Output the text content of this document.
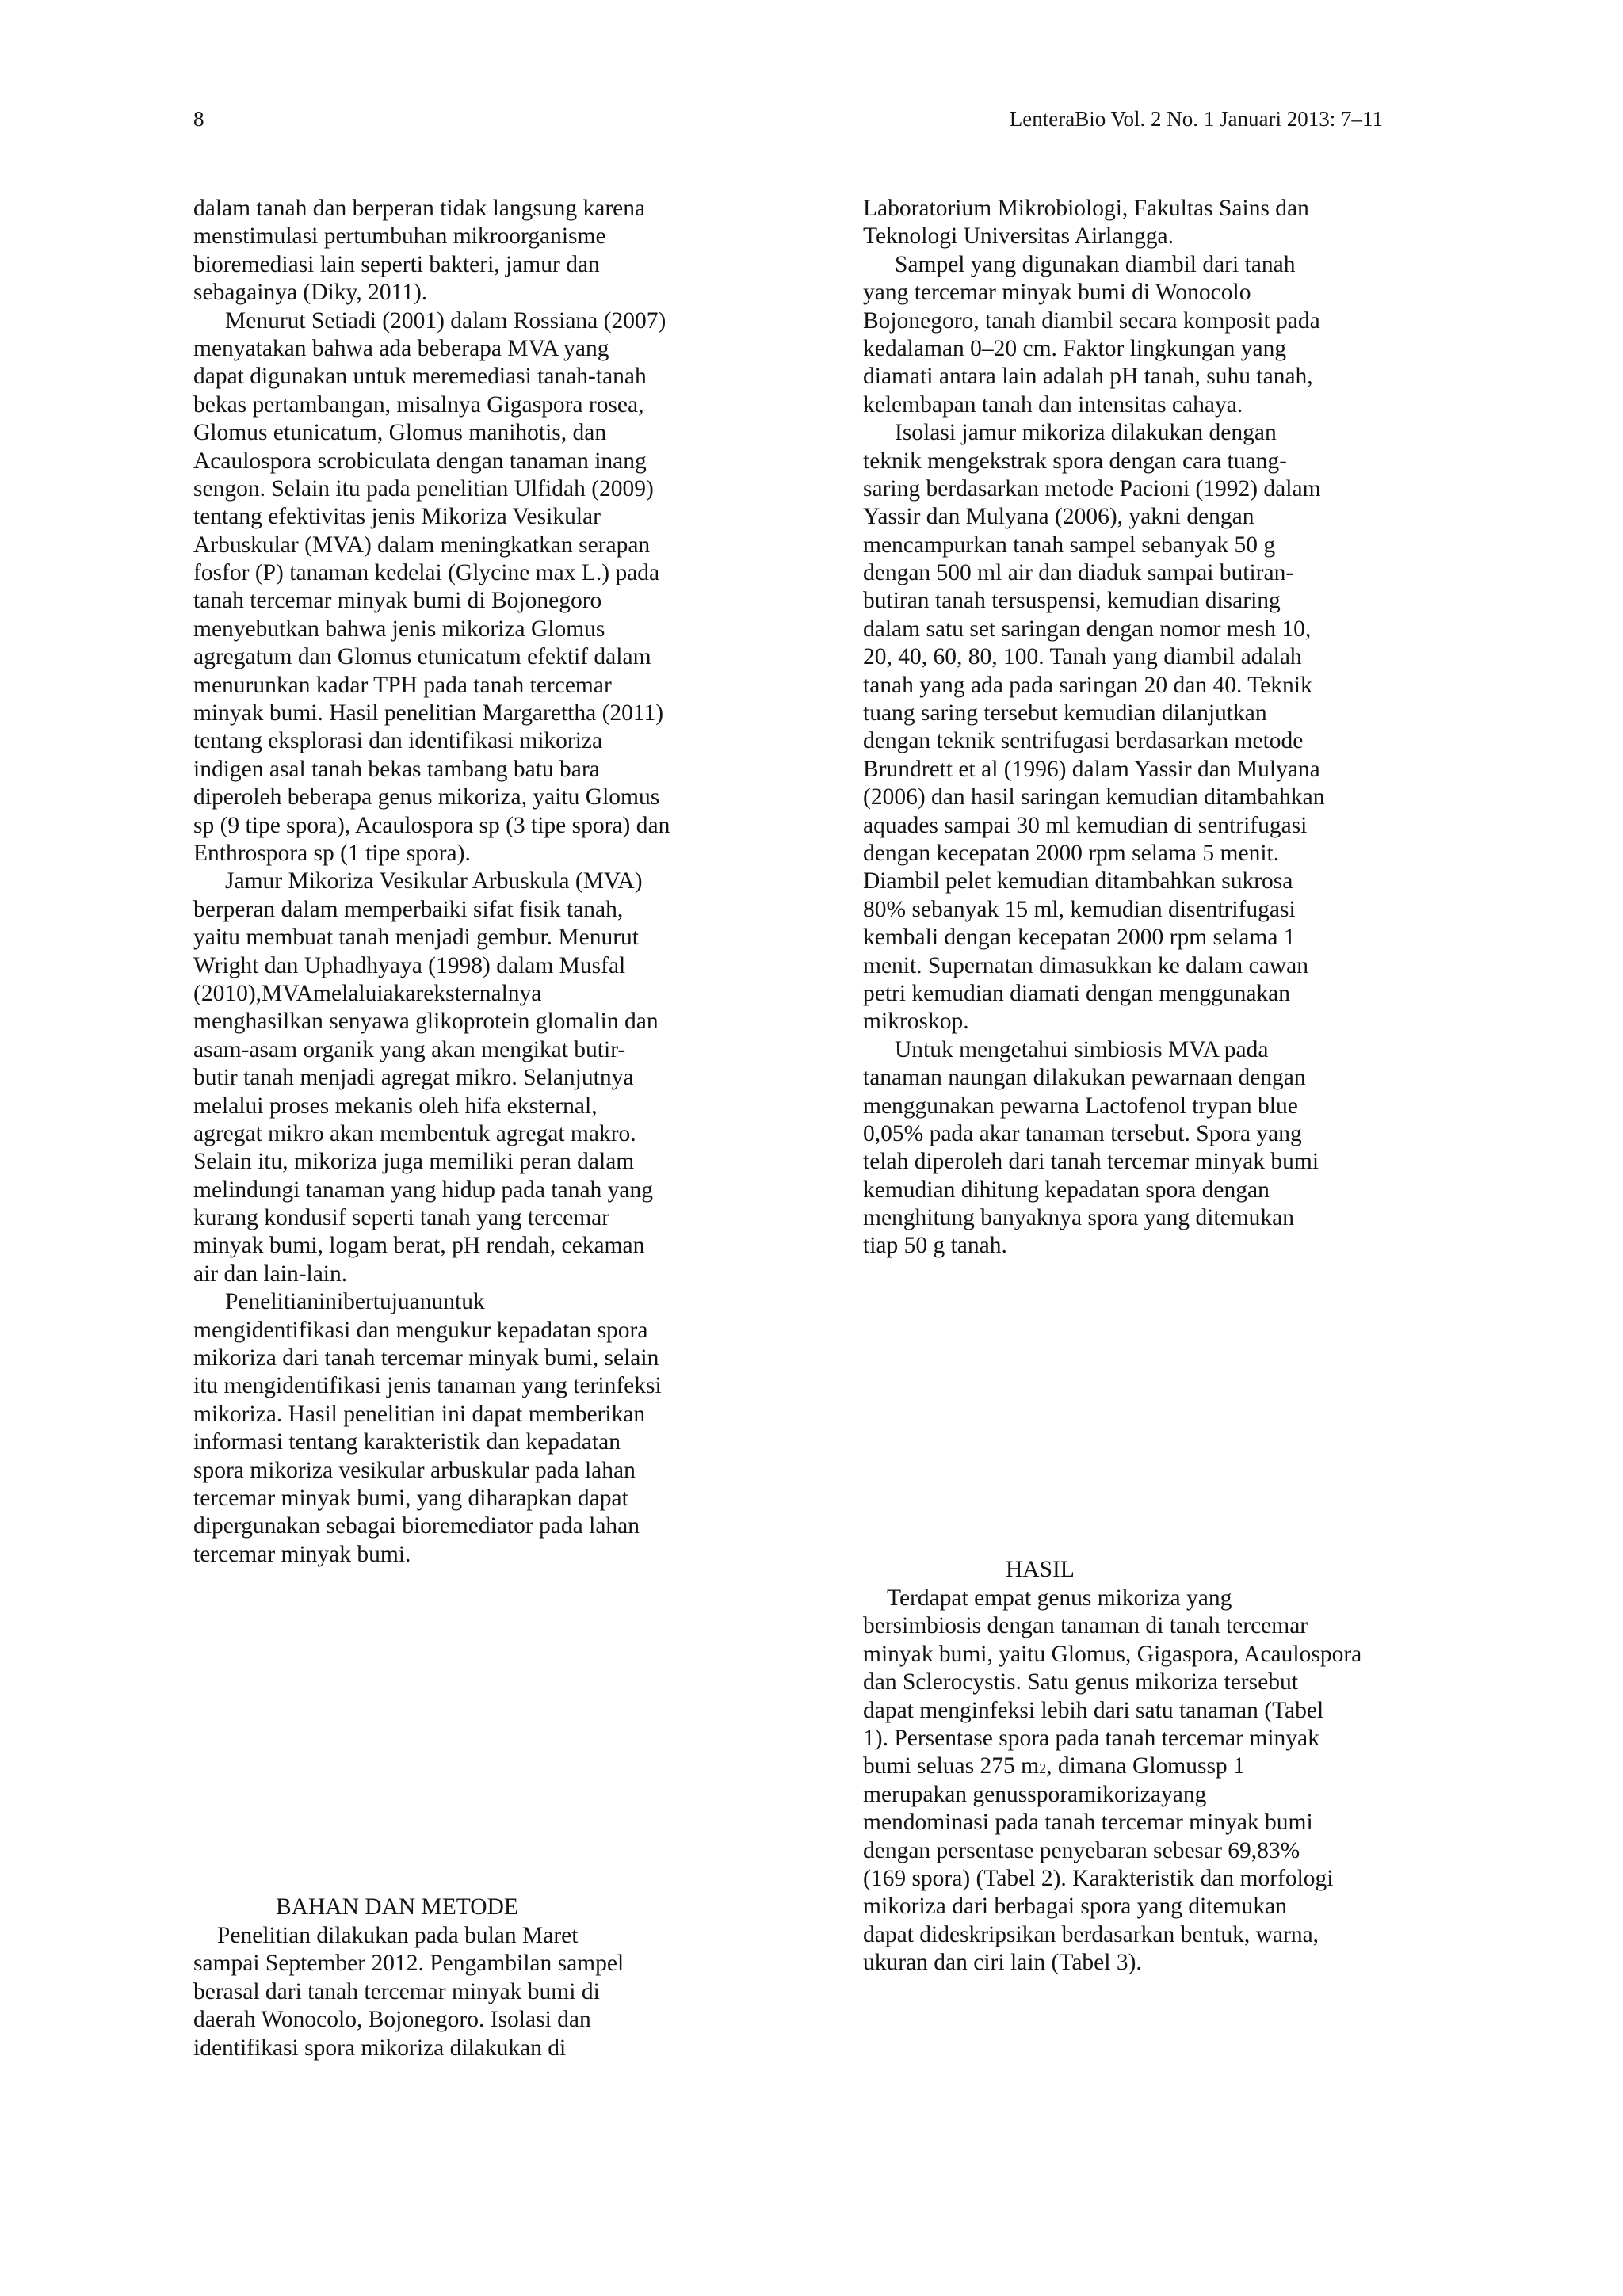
8	LenteraBio Vol. 2 No. 1 Januari 2013: 7–11
dalam tanah dan berperan tidak langsung karena
menstimulasi pertumbuhan mikroorganisme
bioremediasi lain seperti bakteri, jamur dan
sebagainya (Diky, 2011).
Menurut Setiadi (2001) dalam Rossiana (2007)
menyatakan bahwa ada beberapa MVA yang
dapat digunakan untuk meremediasi tanah-tanah
bekas pertambangan, misalnya Gigaspora rosea,
Glomus etunicatum, Glomus manihotis, dan
Acaulospora scrobiculata dengan tanaman inang
sengon. Selain itu pada penelitian Ulfidah (2009)
tentang efektivitas jenis Mikoriza Vesikular
Arbuskular (MVA) dalam meningkatkan serapan
fosfor (P) tanaman kedelai (Glycine max L.) pada
tanah tercemar minyak bumi di Bojonegoro
menyebutkan bahwa jenis mikoriza Glomus
agregatum dan Glomus etunicatum efektif dalam
menurunkan kadar TPH pada tanah tercemar
minyak bumi. Hasil penelitian Margarettha (2011)
tentang eksplorasi dan identifikasi mikoriza
indigen asal tanah bekas tambang batu bara
diperoleh beberapa genus mikoriza, yaitu Glomus
sp (9 tipe spora), Acaulospora sp (3 tipe spora) dan
Enthrospora sp (1 tipe spora).
Jamur Mikoriza Vesikular Arbuskula (MVA)
berperan dalam memperbaiki sifat fisik tanah,
yaitu membuat tanah menjadi gembur. Menurut
Wright dan Uphadhyaya (1998) dalam Musfal
(2010),MVAmelaluiakareksternalnya
menghasilkan senyawa glikoprotein glomalin dan
asam-asam organik yang akan mengikat butir-
butir tanah menjadi agregat mikro. Selanjutnya
melalui proses mekanis oleh hifa eksternal,
agregat mikro akan membentuk agregat makro.
Selain itu, mikoriza juga memiliki peran dalam
melindungi tanaman yang hidup pada tanah yang
kurang kondusif seperti tanah yang tercemar
minyak bumi, logam berat, pH rendah, cekaman
air dan lain-lain.
Penelitianinibertujuanuntuk
mengidentifikasi dan mengukur kepadatan spora
mikoriza dari tanah tercemar minyak bumi, selain
itu mengidentifikasi jenis tanaman yang terinfeksi
mikoriza. Hasil penelitian ini dapat memberikan
informasi tentang karakteristik dan kepadatan
spora mikoriza vesikular arbuskular pada lahan
tercemar minyak bumi, yang diharapkan dapat
dipergunakan sebagai bioremediator pada lahan
tercemar minyak bumi.
BAHAN DAN METODE
Penelitian dilakukan pada bulan Maret
sampai September 2012. Pengambilan sampel
berasal dari tanah tercemar minyak bumi di
daerah Wonocolo, Bojonegoro. Isolasi dan
identifikasi spora mikoriza dilakukan di
Laboratorium Mikrobiologi, Fakultas Sains dan
Teknologi Universitas Airlangga.
Sampel yang digunakan diambil dari tanah
yang tercemar minyak bumi di Wonocolo
Bojonegoro, tanah diambil secara komposit pada
kedalaman 0–20 cm. Faktor lingkungan yang
diamati antara lain adalah pH tanah, suhu tanah,
kelembapan tanah dan intensitas cahaya.
Isolasi jamur mikoriza dilakukan dengan
teknik mengekstrak spora dengan cara tuang-
saring berdasarkan metode Pacioni (1992) dalam
Yassir dan Mulyana (2006), yakni dengan
mencampurkan tanah sampel sebanyak 50 g
dengan 500 ml air dan diaduk sampai butiran-
butiran tanah tersuspensi, kemudian disaring
dalam satu set saringan dengan nomor mesh 10,
20, 40, 60, 80, 100. Tanah yang diambil adalah
tanah yang ada pada saringan 20 dan 40. Teknik
tuang saring tersebut kemudian dilanjutkan
dengan teknik sentrifugasi berdasarkan metode
Brundrett et al (1996) dalam Yassir dan Mulyana
(2006) dan hasil saringan kemudian ditambahkan
aquades sampai 30 ml kemudian di sentrifugasi
dengan kecepatan 2000 rpm selama 5 menit.
Diambil pelet kemudian ditambahkan sukrosa
80% sebanyak 15 ml, kemudian disentrifugasi
kembali dengan kecepatan 2000 rpm selama 1
menit. Supernatan dimasukkan ke dalam cawan
petri kemudian diamati dengan menggunakan
mikroskop.
Untuk mengetahui simbiosis MVA pada
tanaman naungan dilakukan pewarnaan dengan
menggunakan pewarna Lactofenol trypan blue
0,05% pada akar tanaman tersebut. Spora yang
telah diperoleh dari tanah tercemar minyak bumi
kemudian dihitung kepadatan spora dengan
menghitung banyaknya spora yang ditemukan
tiap 50 g tanah.
HASIL
Terdapat empat genus mikoriza yang
bersimbiosis dengan tanaman di tanah tercemar
minyak bumi, yaitu Glomus, Gigaspora, Acaulospora
dan Sclerocystis. Satu genus mikoriza tersebut
dapat menginfeksi lebih dari satu tanaman (Tabel
1). Persentase spora pada tanah tercemar minyak
bumi seluas 275 m2, dimana Glomussp 1
merupakan genussporamikorizayang
mendominasi pada tanah tercemar minyak bumi
dengan persentase penyebaran sebesar 69,83%
(169 spora) (Tabel 2). Karakteristik dan morfologi
mikoriza dari berbagai spora yang ditemukan
dapat dideskripsikan berdasarkan bentuk, warna,
ukuran dan ciri lain (Tabel 3).
